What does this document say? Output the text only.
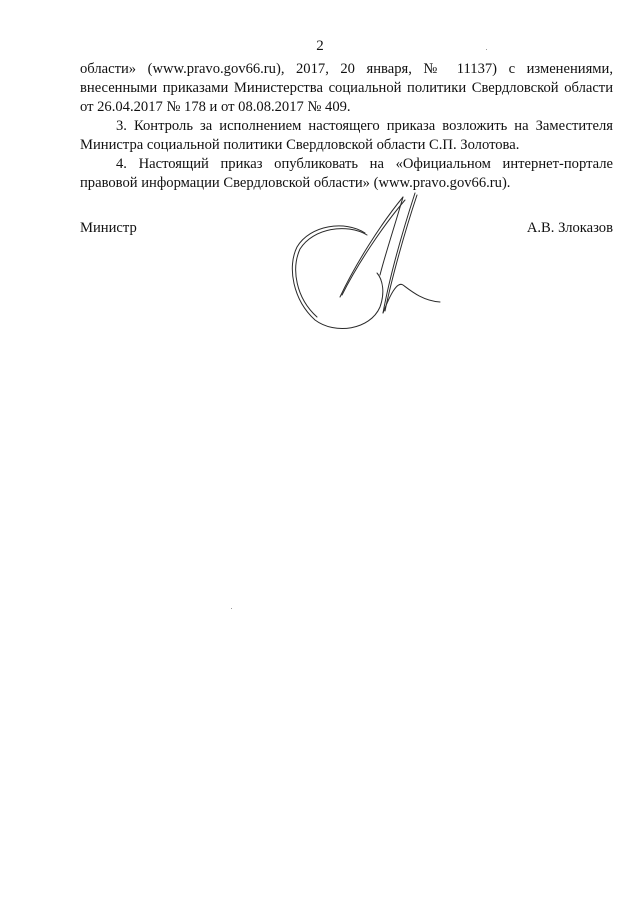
2

области» (www.pravo.gov66.ru), 2017, 20 января, № 11137) с изменениями, внесенными приказами Министерства социальной политики Свердловской области от 26.04.2017 № 178 и от 08.08.2017 № 409.

3. Контроль за исполнением настоящего приказа возложить на Заместителя Министра социальной политики Свердловской области С.П. Золотова.

4. Настоящий приказ опубликовать на «Официальном интернет-портале правовой информации Свердловской области» (www.pravo.gov66.ru).

Министр	А.В. Злоказов
